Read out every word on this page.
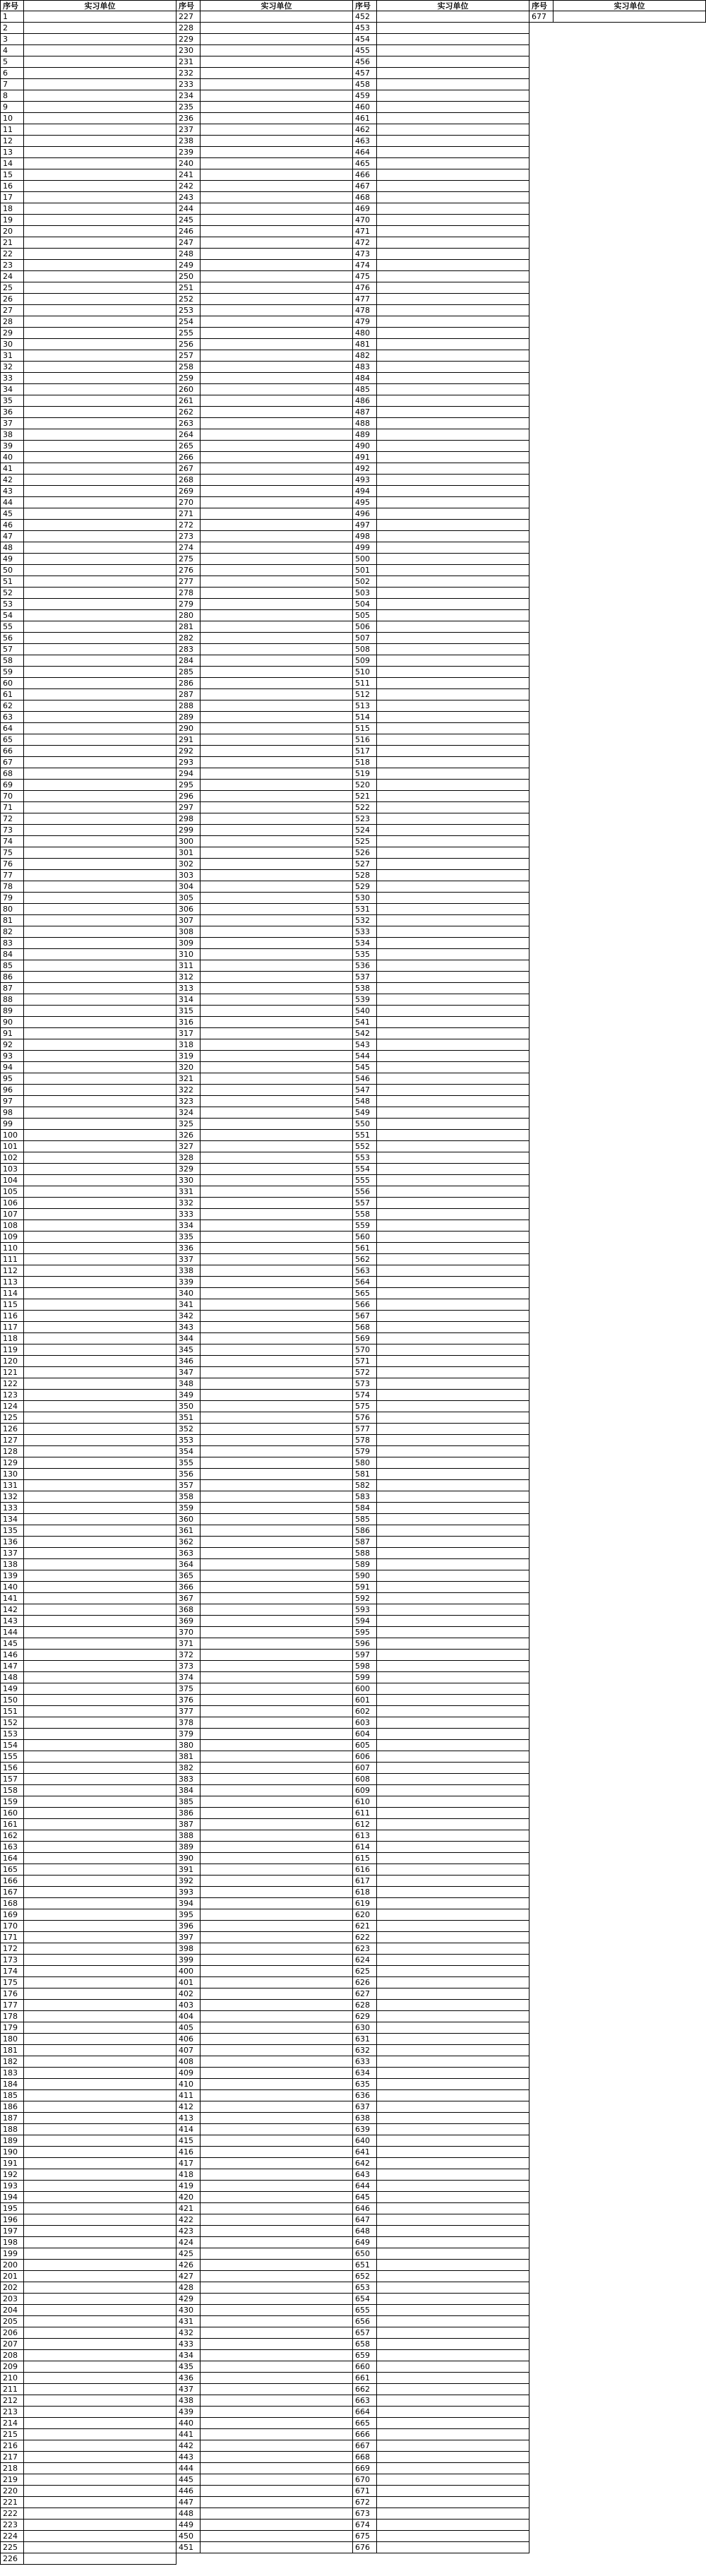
序号	实习单位
1
2
3
4
5
6
7
8
9
10
11
12
13
14
15
16
17
18
19
20
21
22
23
24
25
26
27
28
29
30
31
32
33
34
35
36
37
38
39
40
41
42
43
44
45
46
47
48
49
50
51
52
53
54
55
56
57
58
59
60
61
62
63
64
65
66
67
68
69
70
71
72
73
74
75
76
77
78
79
80
81
82
83
84
85
86
87
88
89
90
91
92
93
94
95
96
97
98
99
100
101
102
103
104
105
106
107
108
109
110
111
112
113
114
115
116
117
118
119
120
121
122
123
124
125
126
127
128
129
130
131
132
133
134
135
136
137
138
139
140
141
142
143
144
145
146
147
148
149
150
151
152
153
154
155
156
157
158
159
160
161
162
163
164
165
166
167
168
169
170
171
172
173
174
175
176
177
178
179
180
181
182
183
184
185
186
187
188
189
190
191
192
193
194
195
196
197
198
199
200
201
202
203
204
205
206
207
208
209
210
211
212
213
214
215
216
217
218
219
220
221
222
223
224
225
226
序号	实习单位
227
228
229
230
231
232
233
234
235
236
237
238
239
240
241
242
243
244
245
246
247
248
249
250
251
252
253
254
255
256
257
258
259
260
261
262
263
264
265
266
267
268
269
270
271
272
273
274
275
276
277
278
279
280
281
282
283
284
285
286
287
288
289
290
291
292
293
294
295
296
297
298
299
300
301
302
303
304
305
306
307
308
309
310
311
312
313
314
315
316
317
318
319
320
321
322
323
324
325
326
327
328
329
330
331
332
333
334
335
336
337
338
339
340
341
342
343
344
345
346
347
348
349
350
351
352
353
354
355
356
357
358
359
360
361
362
363
364
365
366
367
368
369
370
371
372
373
374
375
376
377
378
379
380
381
382
383
384
385
386
387
388
389
390
391
392
393
394
395
396
397
398
399
400
401
402
403
404
405
406
407
408
409
410
411
412
413
414
415
416
417
418
419
420
421
422
423
424
425
426
427
428
429
430
431
432
433
434
435
436
437
438
439
440
441
442
443
444
445
446
447
448
449
450
451
序号	实习单位
452
453
454
455
456
457
458
459
460
461
462
463
464
465
466
467
468
469
470
471
472
473
474
475
476
477
478
479
480
481
482
483
484
485
486
487
488
489
490
491
492
493
494
495
496
497
498
499
500
501
502
503
504
505
506
507
508
509
510
511
512
513
514
515
516
517
518
519
520
521
522
523
524
525
526
527
528
529
530
531
532
533
534
535
536
537
538
539
540
541
542
543
544
545
546
547
548
549
550
551
552
553
554
555
556
557
558
559
560
561
562
563
564
565
566
567
568
569
570
571
572
573
574
575
576
577
578
579
580
581
582
583
584
585
586
587
588
589
590
591
592
593
594
595
596
597
598
599
600
601
602
603
604
605
606
607
608
609
610
611
612
613
614
615
616
617
618
619
620
621
622
623
624
625
626
627
628
629
630
631
632
633
634
635
636
637
638
639
640
641
642
643
644
645
646
647
648
649
650
651
652
653
654
655
656
657
658
659
660
661
662
663
664
665
666
667
668
669
670
671
672
673
674
675
676
序号	实习单位
677
